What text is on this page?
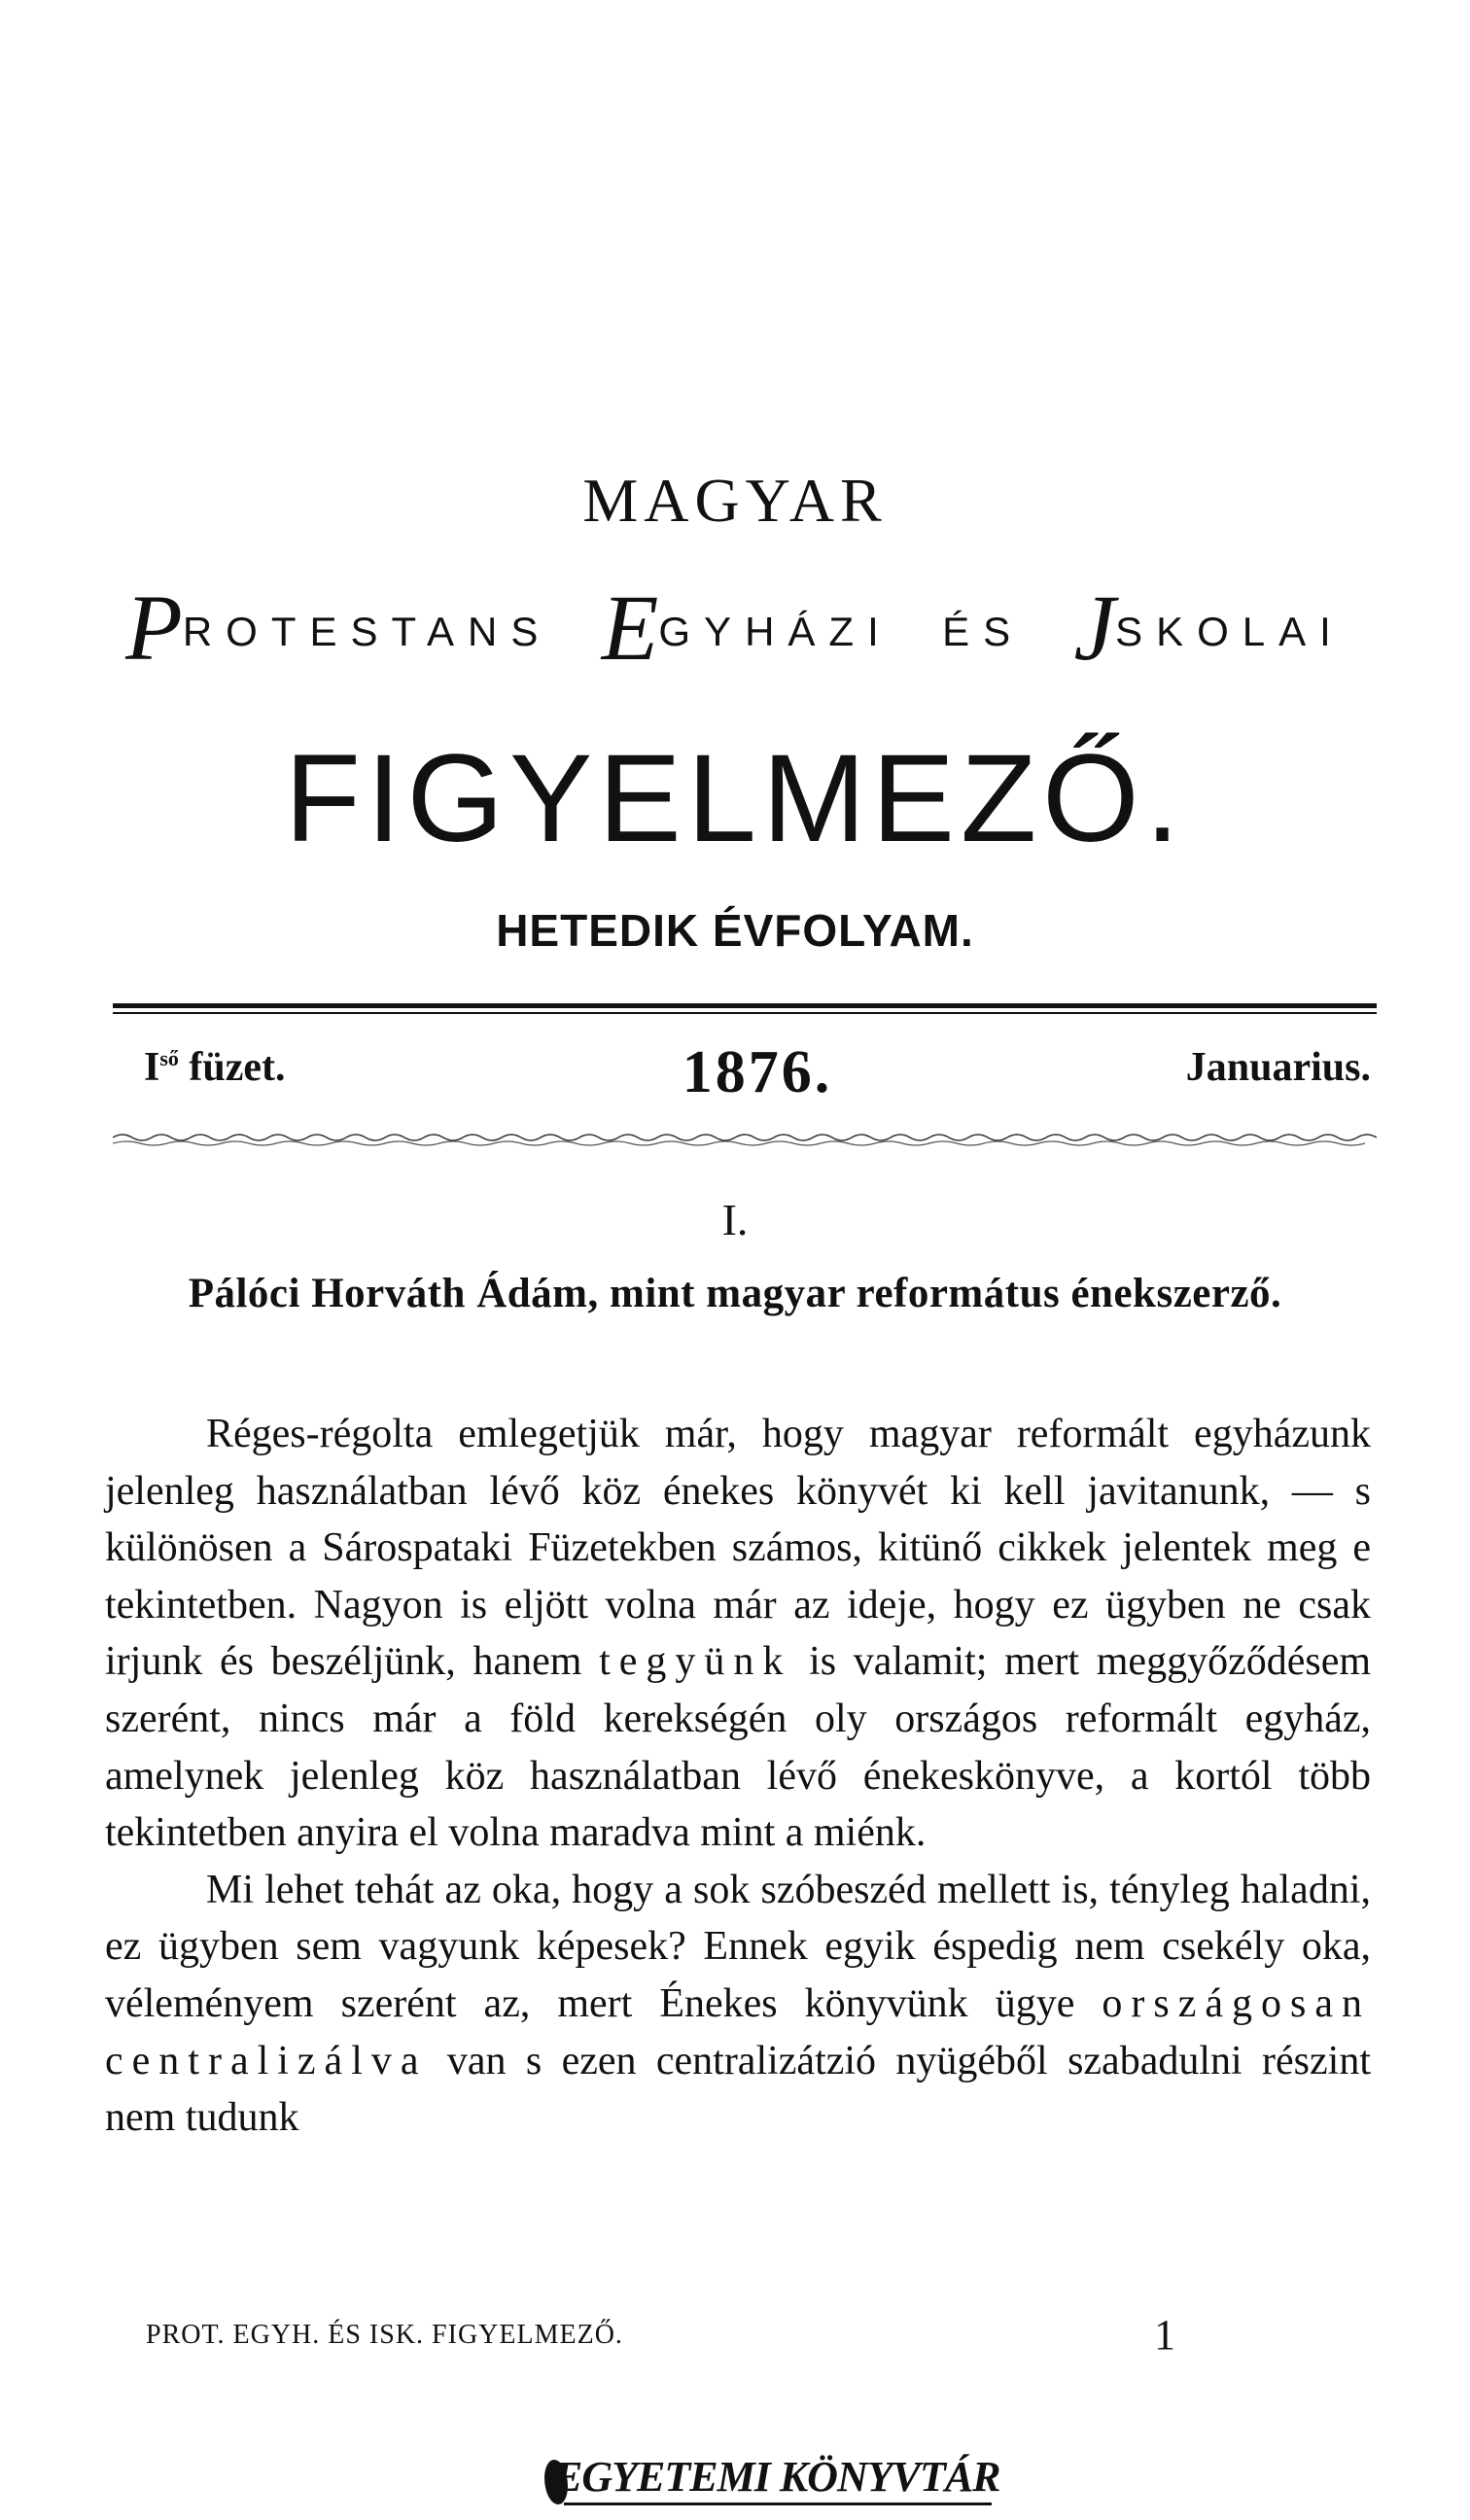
MAGYAR
PROTESTANS EGYHÁZI ÉS JSKOLAI
FIGYELMEZŐ.
HETEDIK ÉVFOLYAM.
$I^{ső}$ füzet.	1876.	Januarius.
I.
Pálóci Horváth Ádám, mint magyar református énekszerző.

Réges-régolta emlegetjük már, hogy magyar reformált egyházunk jelenleg használatban lévő köz énekes könyvét ki kell javitanunk, — s különösen a Sárospataki Füzetekben számos, kitünő cikkek jelentek meg e tekintetben. Nagyon is eljött volna már az ideje, hogy ez ügyben ne csak irjunk és beszéljünk, hanem tegyünk is valamit; mert meggyőződésem szerént, nincs már a föld kerekségén oly országos reformált egyház, amelynek jelenleg köz használatban lévő énekeskönyve, a kortól több tekintetben anyira el volna maradva mint a miénk.

Mi lehet tehát az oka, hogy a sok szóbeszéd mellett is, tényleg haladni, ez ügyben sem vagyunk képesek? Ennek egyik éspedig nem csekély oka, véleményem szerént az, mert Énekes könyvünk ügye országosan centralizálva van s ezen centralizátzió nyügéből szabadulni részint nem tudunk

PROT. EGYH. ÉS ISK. FIGYELMEZŐ.	1
EGYETEMI KÖNYVTÁR
